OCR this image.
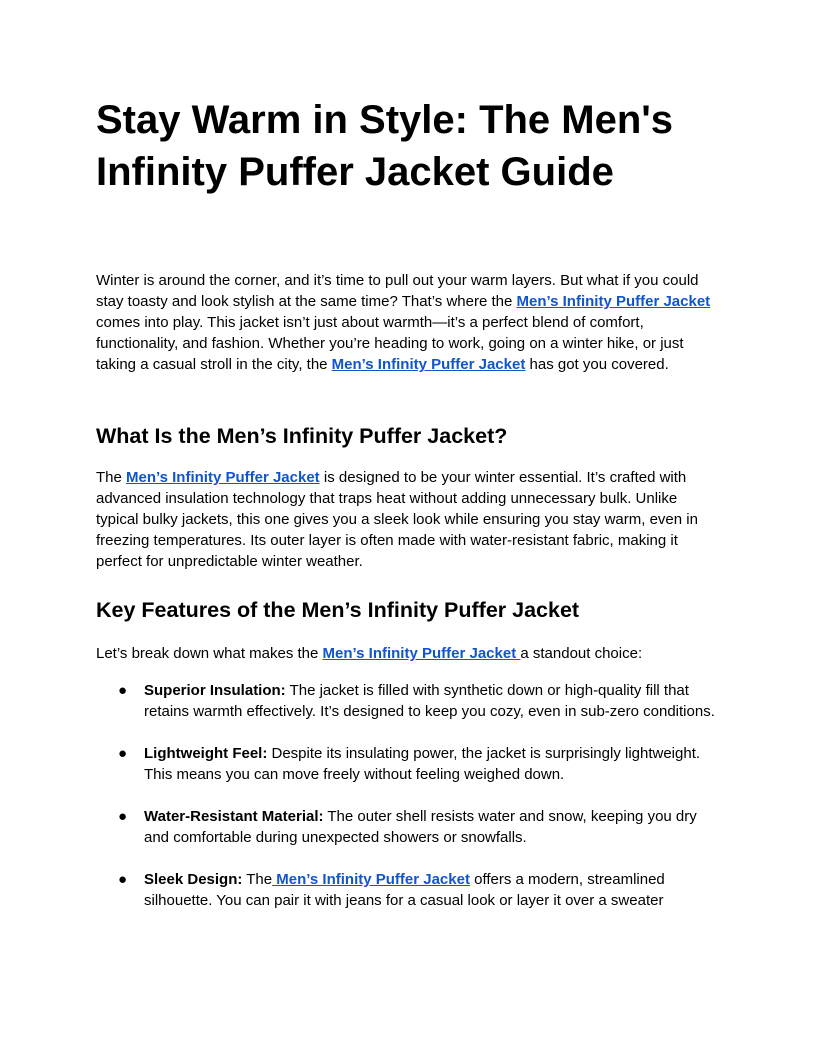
Stay Warm in Style: The Men's Infinity Puffer Jacket Guide

Winter is around the corner, and it’s time to pull out your warm layers. But what if you could stay toasty and look stylish at the same time? That’s where the Men’s Infinity Puffer Jacket comes into play. This jacket isn’t just about warmth—it’s a perfect blend of comfort, functionality, and fashion. Whether you’re heading to work, going on a winter hike, or just taking a casual stroll in the city, the Men’s Infinity Puffer Jacket has got you covered.

What Is the Men’s Infinity Puffer Jacket?

The Men’s Infinity Puffer Jacket is designed to be your winter essential. It’s crafted with advanced insulation technology that traps heat without adding unnecessary bulk. Unlike typical bulky jackets, this one gives you a sleek look while ensuring you stay warm, even in freezing temperatures. Its outer layer is often made with water-resistant fabric, making it perfect for unpredictable winter weather.

Key Features of the Men’s Infinity Puffer Jacket

Let’s break down what makes the Men’s Infinity Puffer Jacket a standout choice:

● Superior Insulation: The jacket is filled with synthetic down or high-quality fill that retains warmth effectively. It’s designed to keep you cozy, even in sub-zero conditions.
● Lightweight Feel: Despite its insulating power, the jacket is surprisingly lightweight. This means you can move freely without feeling weighed down.
● Water-Resistant Material: The outer shell resists water and snow, keeping you dry and comfortable during unexpected showers or snowfalls.
● Sleek Design: The Men’s Infinity Puffer Jacket offers a modern, streamlined silhouette. You can pair it with jeans for a casual look or layer it over a sweater
